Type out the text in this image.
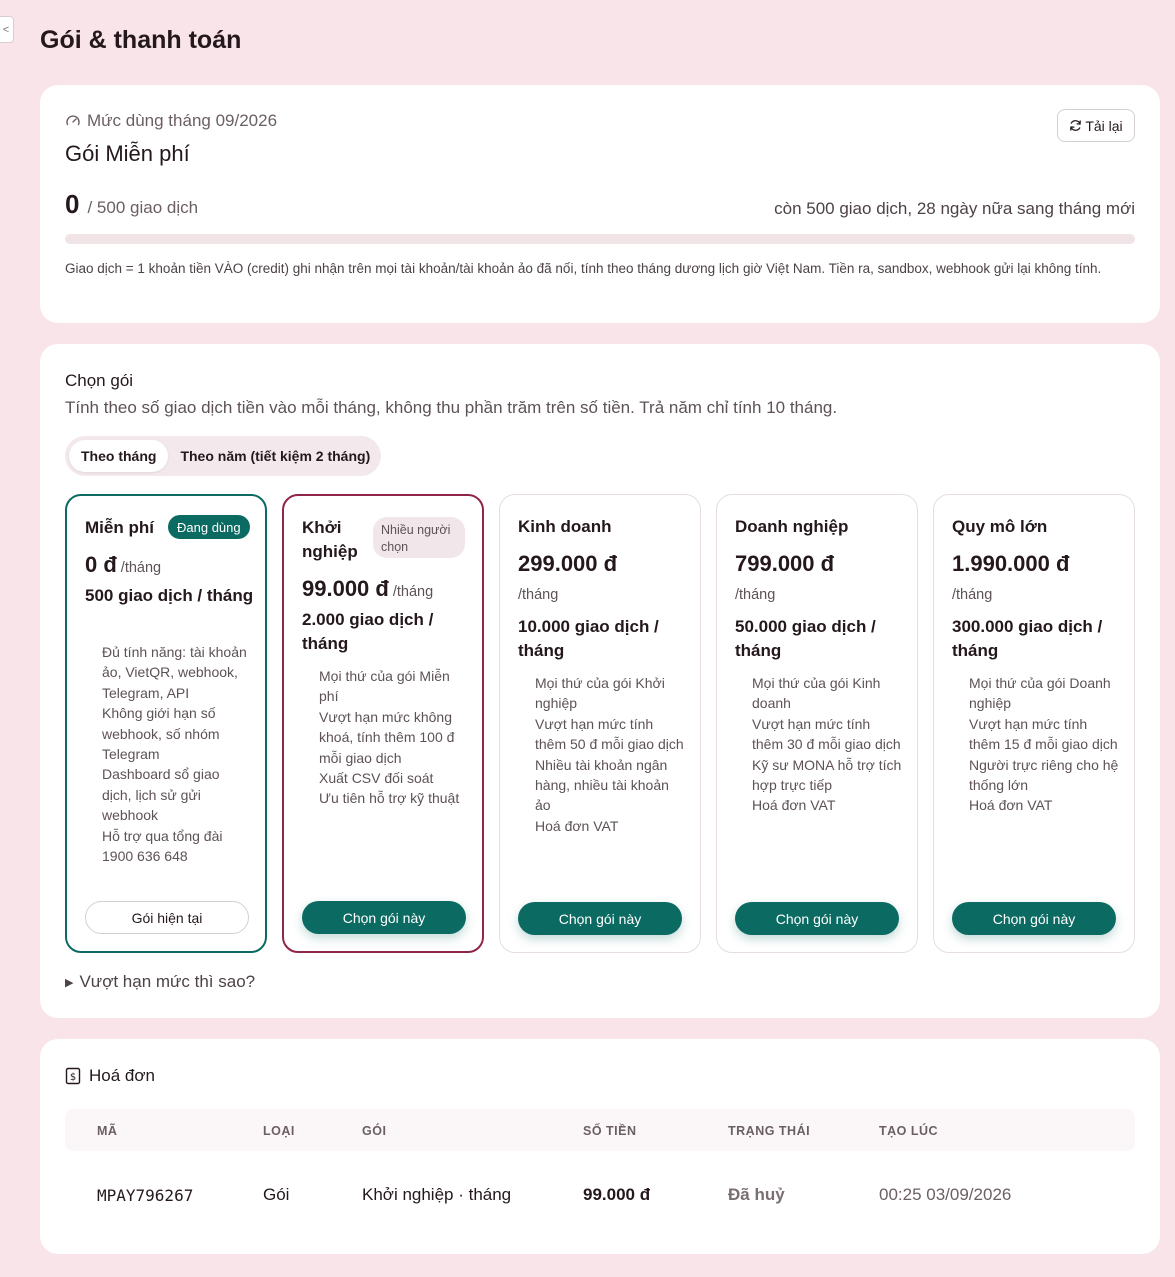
< Gói & thanh toán
Mức dùng tháng 09/2026
Gói Miễn phí
Tải lại
0 / 500 giao dịch	còn 500 giao dịch, 28 ngày nữa sang tháng mới

Giao dịch = 1 khoản tiền VÀO (credit) ghi nhận trên mọi tài khoản/tài khoản ảo đã nối, tính theo tháng dương lịch giờ Việt Nam. Tiền ra, sandbox, webhook gửi lại không tính.

Chọn gói
Tính theo số giao dịch tiền vào mỗi tháng, không thu phần trăm trên số tiền. Trả năm chỉ tính 10 tháng.
Theo tháng	Theo năm (tiết kiệm 2 tháng)
Miễn phí	Đang dùng
0 đ /tháng
500 giao dịch / tháng
Đủ tính năng: tài khoản ảo, VietQR, webhook, Telegram, API
Không giới hạn số webhook, số nhóm Telegram
Dashboard sổ giao dịch, lịch sử gửi webhook
Hỗ trợ qua tổng đài 1900 636 648
Gói hiện tại
Khởi nghiệp
Nhiều người chọn
99.000 đ /tháng
2.000 giao dịch / tháng
Mọi thứ của gói Miễn phí
Vượt hạn mức không khoá, tính thêm 100 đ mỗi giao dịch
Xuất CSV đối soát
Ưu tiên hỗ trợ kỹ thuật
Chọn gói này
Kinh doanh
299.000 đ
/tháng
10.000 giao dịch / tháng
Mọi thứ của gói Khởi nghiệp
Vượt hạn mức tính thêm 50 đ mỗi giao dịch
Nhiều tài khoản ngân hàng, nhiều tài khoản ảo
Hoá đơn VAT
Chọn gói này
Doanh nghiệp
799.000 đ
/tháng
50.000 giao dịch / tháng
Mọi thứ của gói Kinh doanh
Vượt hạn mức tính thêm 30 đ mỗi giao dịch
Kỹ sư MONA hỗ trợ tích hợp trực tiếp
Hoá đơn VAT
Chọn gói này
Quy mô lớn
1.990.000 đ
/tháng
300.000 giao dịch / tháng
Mọi thứ của gói Doanh nghiệp
Vượt hạn mức tính thêm 15 đ mỗi giao dịch
Người trực riêng cho hệ thống lớn
Hoá đơn VAT
Chọn gói này
▶ Vượt hạn mức thì sao?
$ Hoá đơn
MÃ	LOẠI	GÓI	SỐ TIỀN	TRẠNG THÁI	TẠO LÚC
MPAY796267	Gói	Khởi nghiệp · tháng	99.000 đ	Đã huỷ	00:25 03/09/2026
